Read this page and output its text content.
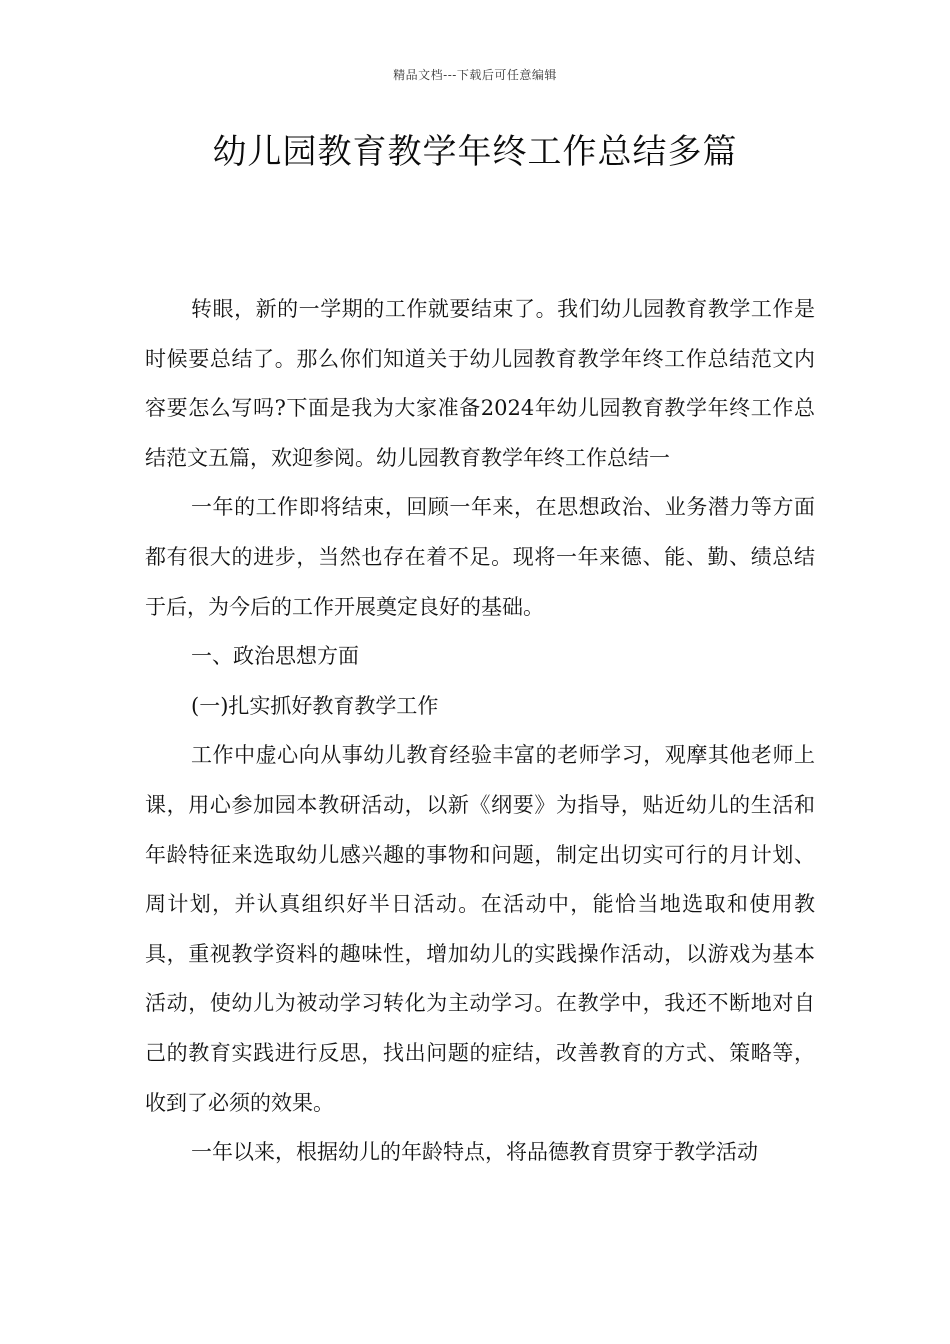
精品文档---下载后可任意编辑
幼儿园教育教学年终工作总结多篇

转眼，新的一学期的工作就要结束了。我们幼儿园教育教学工作是时候要总结了。那么你们知道关于幼儿园教育教学年终工作总结范文内容要怎么写吗?下面是我为大家准备2024年幼儿园教育教学年终工作总结范文五篇，欢迎参阅。幼儿园教育教学年终工作总结一

一年的工作即将结束，回顾一年来，在思想政治、业务潜力等方面都有很大的进步，当然也存在着不足。现将一年来德、能、勤、绩总结于后，为今后的工作开展奠定良好的基础。

一、政治思想方面

(一)扎实抓好教育教学工作

工作中虚心向从事幼儿教育经验丰富的老师学习，观摩其他老师上课，用心参加园本教研活动，以新《纲要》为指导，贴近幼儿的生活和年龄特征来选取幼儿感兴趣的事物和问题，制定出切实可行的月计划、周计划，并认真组织好半日活动。在活动中，能恰当地选取和使用教具，重视教学资料的趣味性，增加幼儿的实践操作活动，以游戏为基本活动，使幼儿为被动学习转化为主动学习。在教学中，我还不断地对自己的教育实践进行反思，找出问题的症结，改善教育的方式、策略等，收到了必须的效果。

一年以来，根据幼儿的年龄特点，将品德教育贯穿于教学活动
